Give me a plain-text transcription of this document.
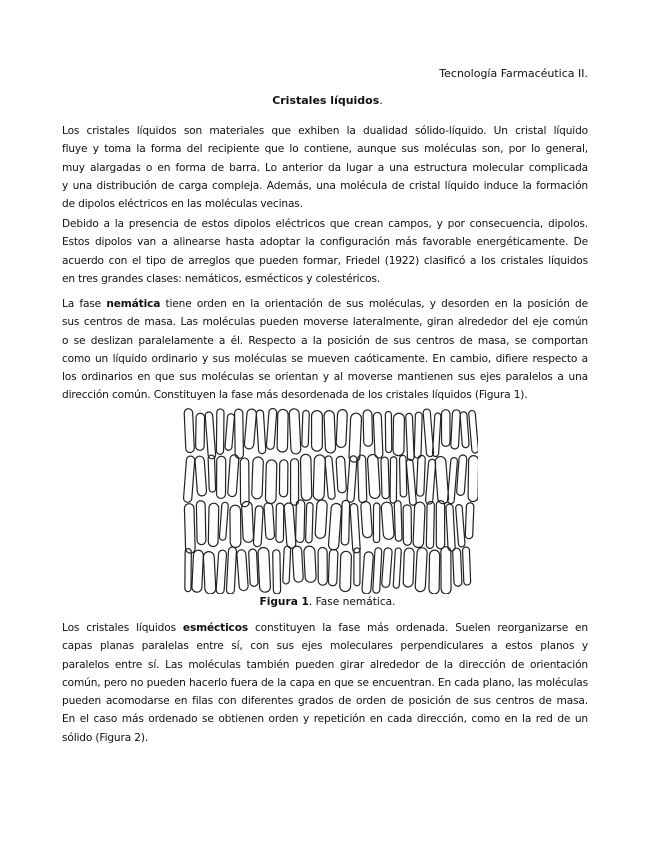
Tecnología Farmacéutica II.
Cristales líquidos.
Los cristales líquidos son materiales que exhiben la dualidad sólido-líquido. Un cristal líquido
fluye y toma la forma del recipiente que lo contiene, aunque sus moléculas son, por lo general,
muy alargadas o en forma de barra. Lo anterior da lugar a una estructura molecular complicada
y una distribución de carga compleja. Además, una molécula de cristal líquido induce la formación
de dipolos eléctricos en las moléculas vecinas.
Debido a la presencia de estos dipolos eléctricos que crean campos, y por consecuencia, dipolos.
Estos dipolos van a alinearse hasta adoptar la configuración más favorable energéticamente. De
acuerdo con el tipo de arreglos que pueden formar, Friedel (1922) clasificó a los cristales líquidos
en tres grandes clases: nemáticos, esmécticos y colestéricos.
La fase nemática tiene orden en la orientación de sus moléculas, y desorden en la posición de
sus centros de masa. Las moléculas pueden moverse lateralmente, giran alrededor del eje común
o se deslizan paralelamente a él. Respecto a la posición de sus centros de masa, se comportan
como un líquido ordinario y sus moléculas se mueven caóticamente. En cambio, difiere respecto a
los ordinarios en que sus moléculas se orientan y al moverse mantienen sus ejes paralelos a una
dirección común. Constituyen la fase más desordenada de los cristales líquidos (Figura 1).
Figura 1. Fase nemática.
Los cristales líquidos esmécticos constituyen la fase más ordenada. Suelen reorganizarse en
capas planas paralelas entre sí, con sus ejes moleculares perpendiculares a estos planos y
paralelos entre sí. Las moléculas también pueden girar alrededor de la dirección de orientación
común, pero no pueden hacerlo fuera de la capa en que se encuentran. En cada plano, las moléculas
pueden acomodarse en filas con diferentes grados de orden de posición de sus centros de masa.
En el caso más ordenado se obtienen orden y repetición en cada dirección, como en la red de un
sólido (Figura 2).
